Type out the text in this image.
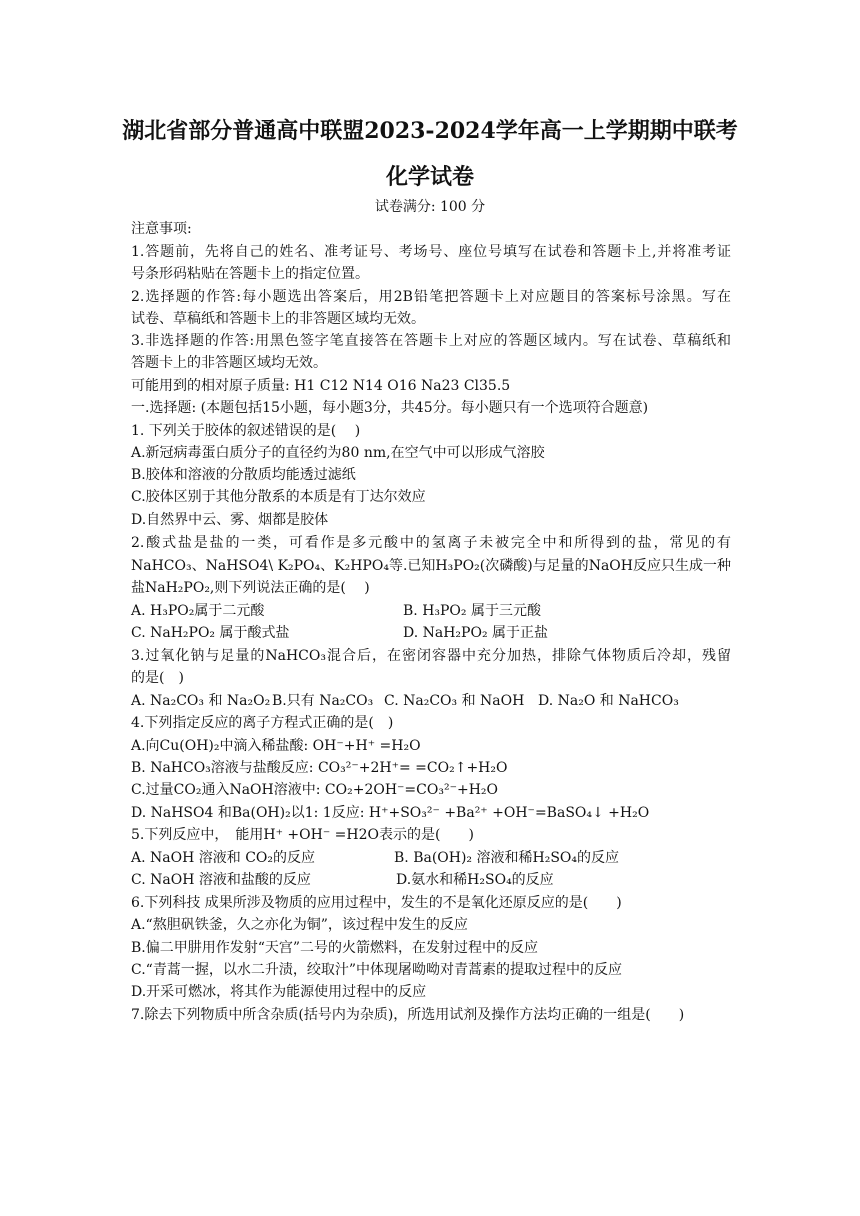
湖北省部分普通高中联盟2023-2024学年高一上学期期中联考
化学试卷
试卷满分: 100 分
注意事项:
1.答题前，先将自己的姓名、准考证号、考场号、座位号填写在试卷和答题卡上,并将准考证
号条形码粘贴在答题卡上的指定位置。
2.选择题的作答:每小题选出答案后，用2B铅笔把答题卡上对应题目的答案标号涂黑。写在
试卷、草稿纸和答题卡上的非答题区域均无效。
3.非选择题的作答:用黑色签字笔直接答在答题卡上对应的答题区域内。写在试卷、草稿纸和
答题卡上的非答题区域均无效。
可能用到的相对原子质量: H1 C12 N14 O16 Na23 Cl35.5
一.选择题: (本题包括15小题，每小题3分，共45分。每小题只有一个选项符合题意)
1. 下列关于胶体的叙述错误的是(　 )
A.新冠病毒蛋白质分子的直径约为80 nm,在空气中可以形成气溶胶
B.胶体和溶液的分散质均能透过滤纸
C.胶体区别于其他分散系的本质是有丁达尔效应
D.自然界中云、雾、烟都是胶体
2.酸式盐是盐的一类，可看作是多元酸中的氢离子未被完全中和所得到的盐，常见的有
NaHCO₃、NaHSO4\ K₂PO₄、K₂HPO₄等.已知H₃PO₂(次磷酸)与足量的NaOH反应只生成一种
盐NaH₂PO₂,则下列说法正确的是(　 )
A. H₃PO₂属于二元酸	B. H₃PO₂ 属于三元酸
C. NaH₂PO₂ 属于酸式盐	D. NaH₂PO₂ 属于正盐
3.过氧化钠与足量的NaHCO₃混合后，在密闭容器中充分加热，排除气体物质后冷却，残留
的是(　)
A. Na₂CO₃ 和 Na₂O₂ B.只有 Na₂CO₃ C. Na₂CO₃ 和 NaOH D. Na₂O 和 NaHCO₃
4.下列指定反应的离子方程式正确的是(　)
A.向Cu(OH)₂中滴入稀盐酸: OH⁻+H⁺ =H₂O
B. NaHCO₃溶液与盐酸反应: CO₃²⁻+2H⁺= =CO₂↑+H₂O
C.过量CO₂通入NaOH溶液中: CO₂+2OH⁻=CO₃²⁻+H₂O
D. NaHSO4 和Ba(OH)₂以1: 1反应: H⁺+SO₃²⁻ +Ba²⁺ +OH⁻=BaSO₄↓ +H₂O
5.下列反应中，　能用H⁺ +OH⁻ =H2O表示的是(　　)
A. NaOH 溶液和 CO₂的反应	B. Ba(OH)₂ 溶液和稀H₂SO₄的反应
C. NaOH 溶液和盐酸的反应	D.氨水和稀H₂SO₄的反应
6.下列科技 成果所涉及物质的应用过程中，发生的不是氧化还原反应的是(　　)
A.“熬胆矾铁釜，久之亦化为铜”，该过程中发生的反应
B.偏二甲肼用作发射“天宫”二号的火箭燃料，在发射过程中的反应
C.“青蒿一握，以水二升渍，绞取汁”中体现屠呦呦对青蒿素的提取过程中的反应
D.开采可燃冰，将其作为能源使用过程中的反应
7.除去下列物质中所含杂质(括号内为杂质)，所选用试剂及操作方法均正确的一组是(　　)
